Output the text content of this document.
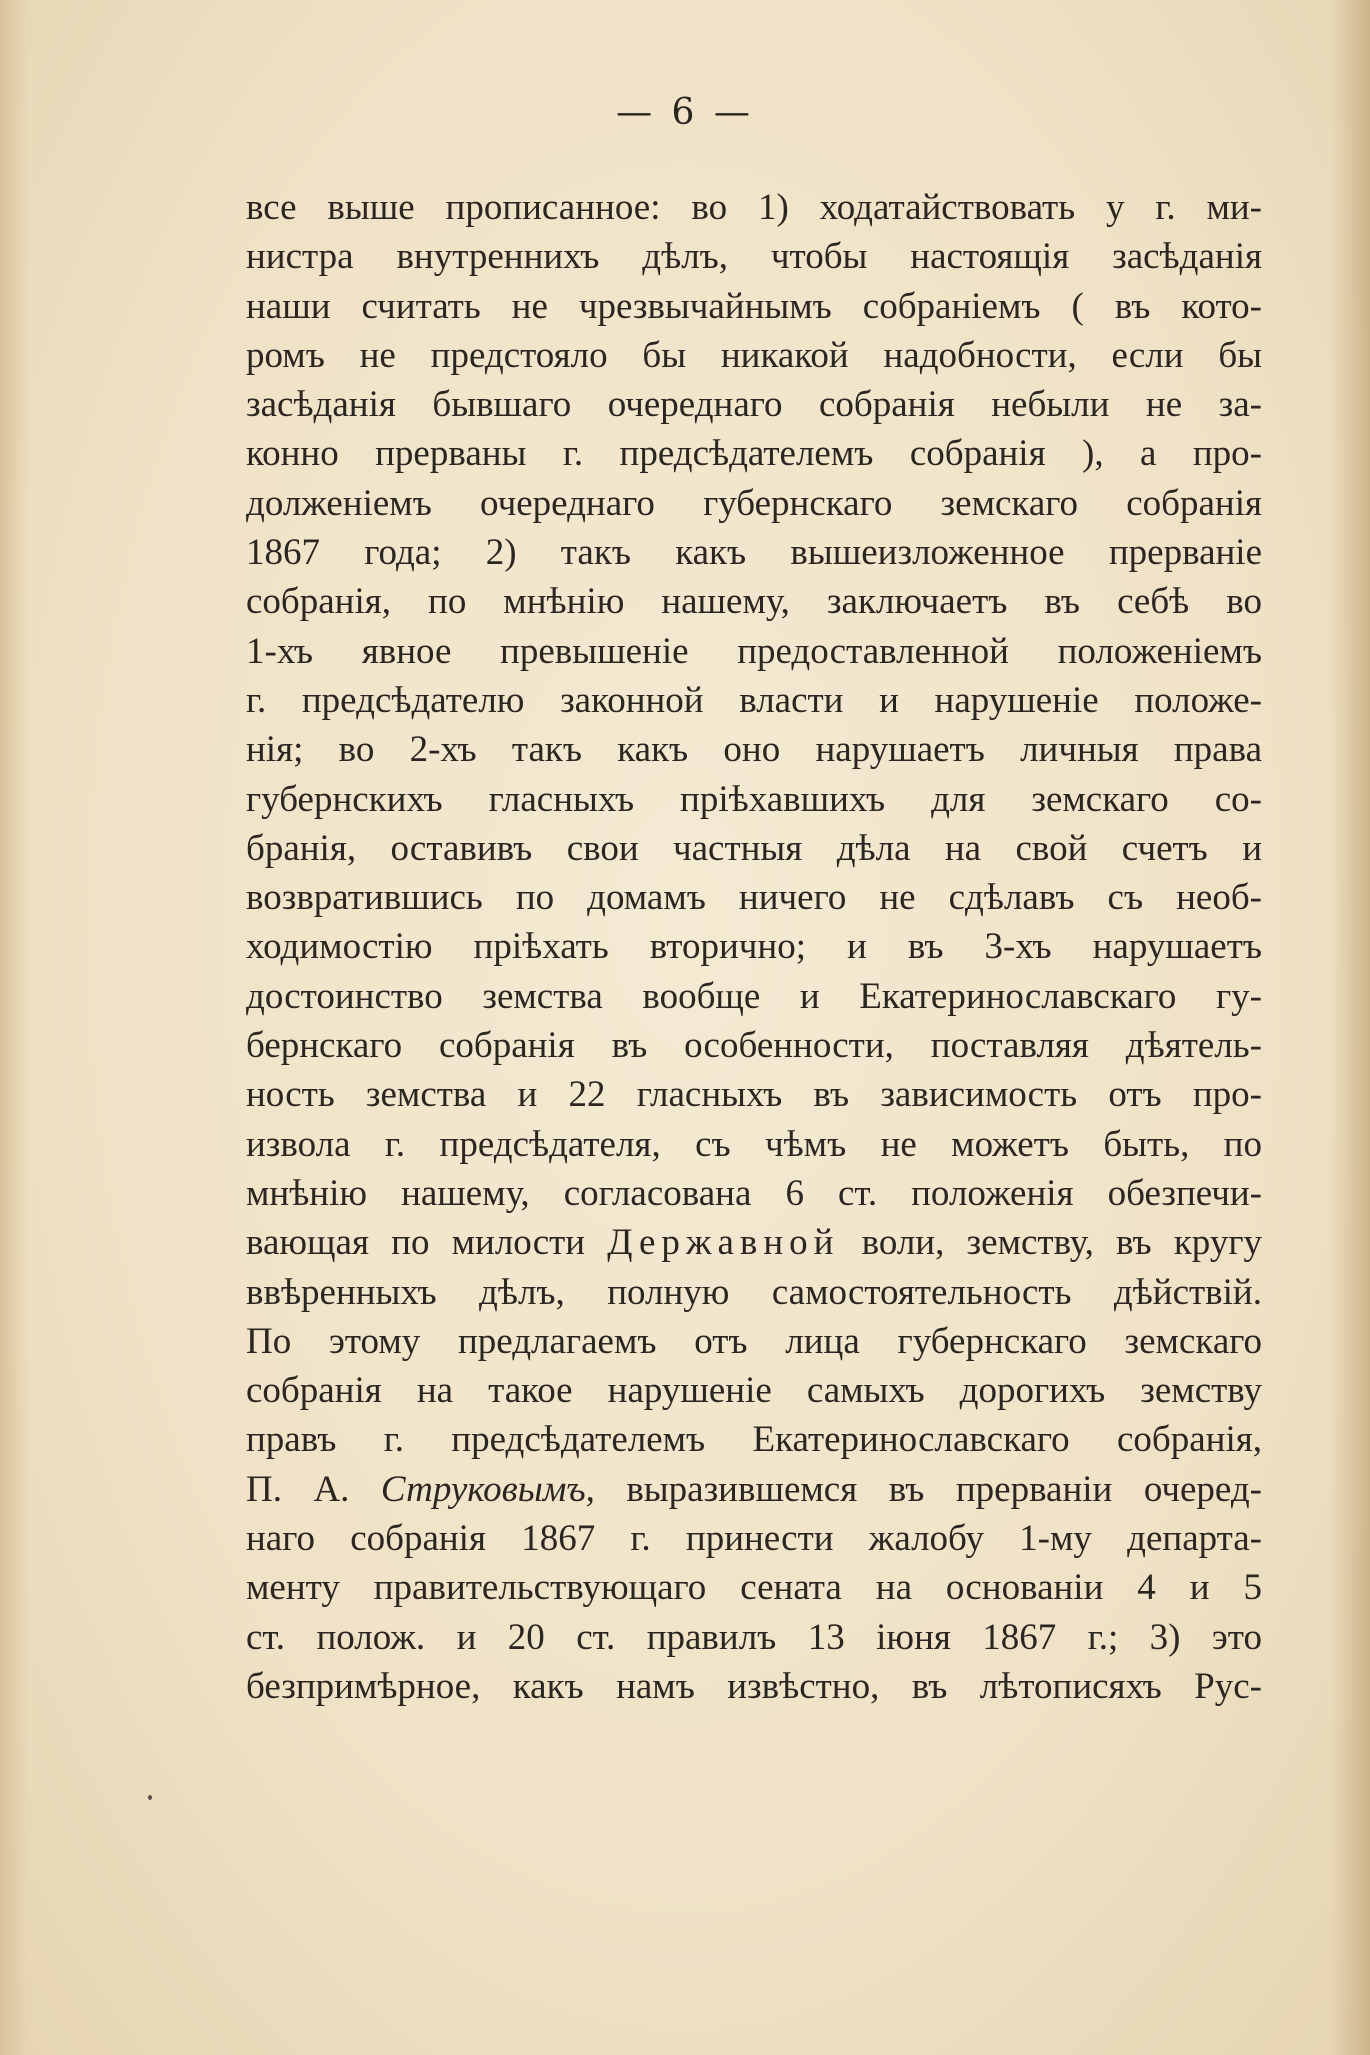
— 6 —
все выше прописанное: во 1) ходатайствовать у г. ми-
нистра внутреннихъ дѣлъ, чтобы настоящія засѣданія
наши считать не чрезвычайнымъ собраніемъ ( въ кото-
ромъ не предстояло бы никакой надобности, если бы
засѣданія бывшаго очереднаго собранія небыли не за-
конно прерваны г. предсѣдателемъ собранія ), а про-
долженіемъ очереднаго губернскаго земскаго собранія
1867 года; 2) такъ какъ вышеизложенное прерваніе
собранія, по мнѣнію нашему, заключаетъ въ себѣ во
1-хъ явное превышеніе предоставленной положеніемъ
г. предсѣдателю законной власти и нарушеніе положе-
нія; во 2-хъ такъ какъ оно нарушаетъ личныя права
губернскихъ гласныхъ пріѣхавшихъ для земскаго со-
бранія, оставивъ свои частныя дѣла на свой счетъ и
возвратившись по домамъ ничего не сдѣлавъ съ необ-
ходимостію пріѣхать вторично; и въ 3-хъ нарушаетъ
достоинство земства вообще и Екатеринославскаго гу-
бернскаго собранія въ особенности, поставляя дѣятель-
ность земства и 22 гласныхъ въ зависимость отъ про-
извола г. предсѣдателя, съ чѣмъ не можетъ быть, по
мнѣнію нашему, согласована 6 ст. положенія обезпечи-
вающая по милости Державной воли, земству, въ кругу
ввѣренныхъ дѣлъ, полную самостоятельность дѣйствій.
По этому предлагаемъ отъ лица губернскаго земскаго
собранія на такое нарушеніе самыхъ дорогихъ земству
правъ г. предсѣдателемъ Екатеринославскаго собранія,
П. А. Струковымъ, выразившемся въ прерваніи очеред-
наго собранія 1867 г. принести жалобу 1-му департа-
менту правительствующаго сената на основаніи 4 и 5
ст. полож. и 20 ст. правилъ 13 іюня 1867 г.; 3) это
безпримѣрное, какъ намъ извѣстно, въ лѣтописяхъ Рус-
